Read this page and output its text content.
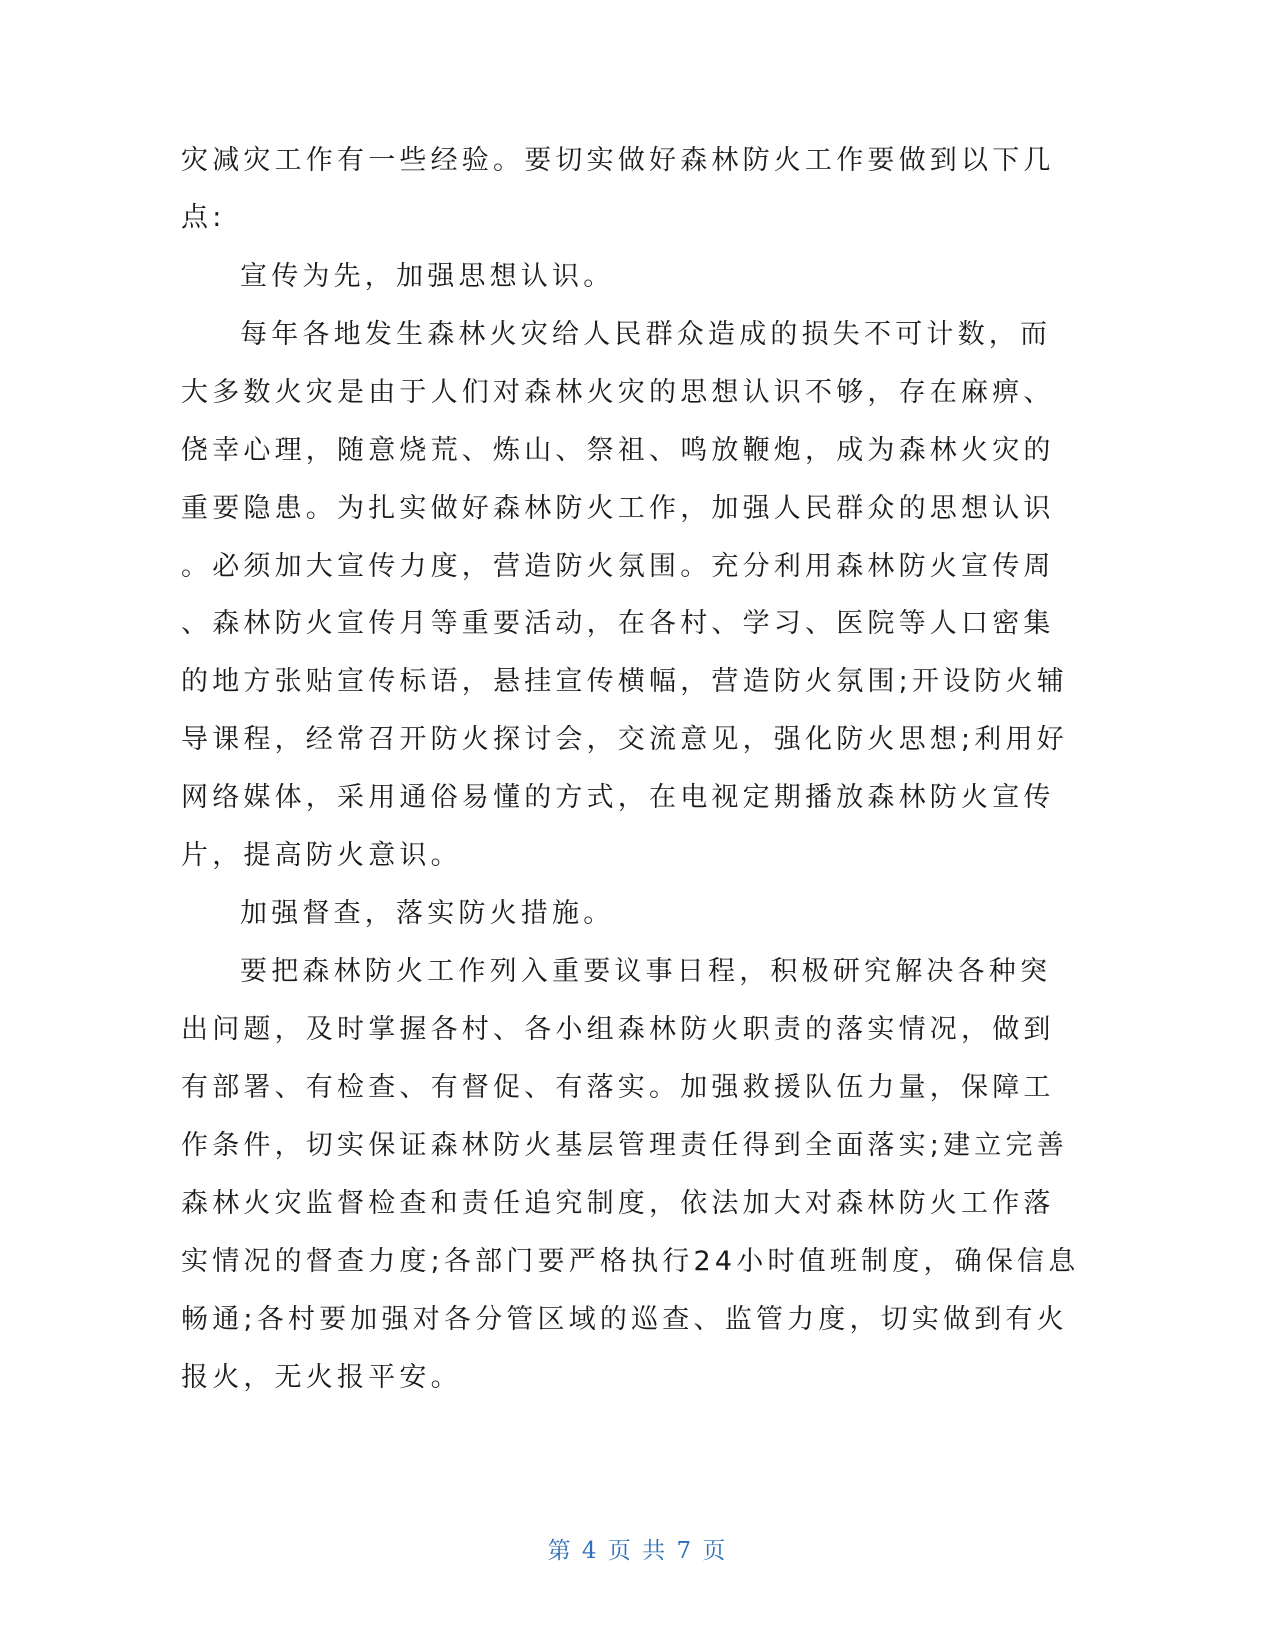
灾减灾工作有一些经验。要切实做好森林防火工作要做到以下几
点:
宣传为先，加强思想认识。
每年各地发生森林火灾给人民群众造成的损失不可计数，而
大多数火灾是由于人们对森林火灾的思想认识不够，存在麻痹、
侥幸心理，随意烧荒、炼山、祭祖、鸣放鞭炮，成为森林火灾的
重要隐患。为扎实做好森林防火工作，加强人民群众的思想认识
。必须加大宣传力度，营造防火氛围。充分利用森林防火宣传周
、森林防火宣传月等重要活动，在各村、学习、医院等人口密集
的地方张贴宣传标语，悬挂宣传横幅，营造防火氛围;开设防火辅
导课程，经常召开防火探讨会，交流意见，强化防火思想;利用好
网络媒体，采用通俗易懂的方式，在电视定期播放森林防火宣传
片，提高防火意识。
加强督查，落实防火措施。
要把森林防火工作列入重要议事日程，积极研究解决各种突
出问题，及时掌握各村、各小组森林防火职责的落实情况，做到
有部署、有检查、有督促、有落实。加强救援队伍力量，保障工
作条件，切实保证森林防火基层管理责任得到全面落实;建立完善
森林火灾监督检查和责任追究制度，依法加大对森林防火工作落
实情况的督查力度;各部门要严格执行24小时值班制度，确保信息
畅通;各村要加强对各分管区域的巡查、监管力度，切实做到有火
报火，无火报平安。
第 4 页 共 7 页
